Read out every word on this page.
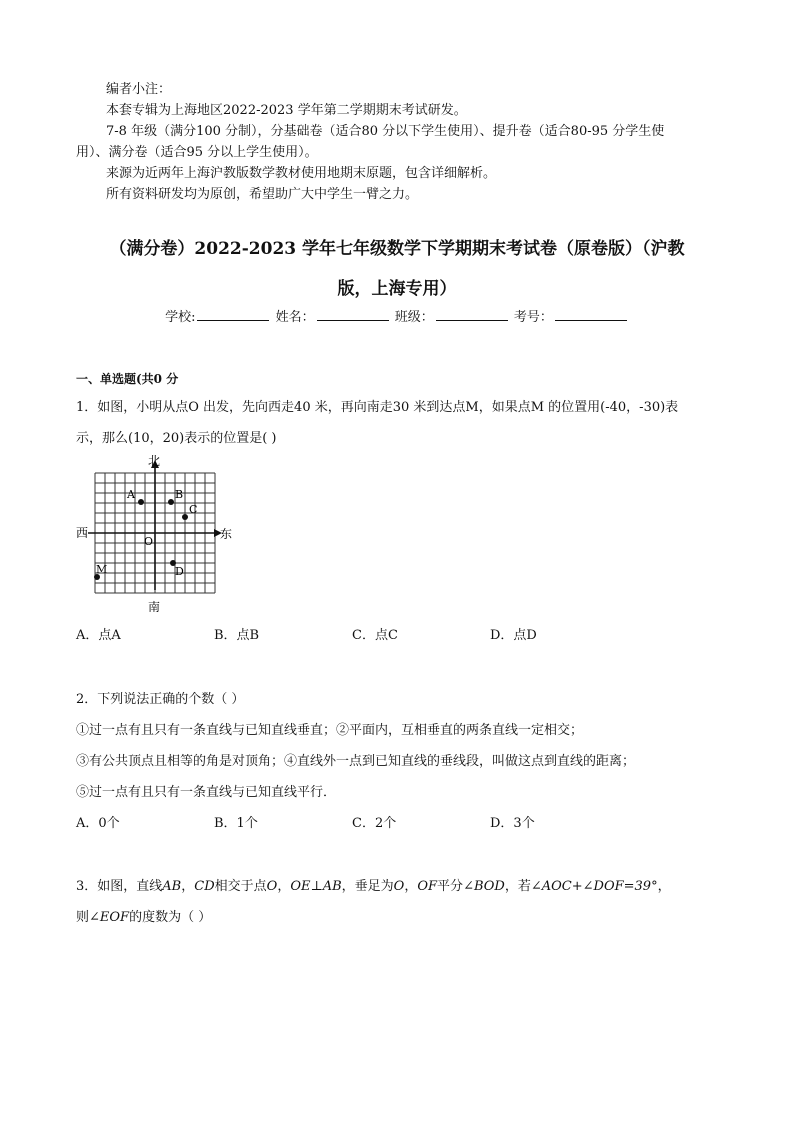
编者小注：
本套专辑为上海地区2022-2023 学年第二学期期末考试研发。
7-8 年级（满分100 分制），分基础卷（适合80 分以下学生使用）、提升卷（适合80-95 分学生使
用）、满分卷（适合95 分以上学生使用）。
来源为近两年上海沪教版数学教材使用地期末原题，包含详细解析。
所有资料研发均为原创，希望助广大中学生一臂之力。
（满分卷）2022-2023 学年七年级数学下学期期末考试卷（原卷版）（沪教
版，上海专用）
学校:	姓名：	班级：	考号：
一、单选题(共0 分
1．如图，小明从点O 出发，先向西走40 米，再向南走30 米到达点M，如果点M 的位置用(-40，-30)表
示，那么(10，20)表示的位置是( )
北
南
西	东
O
A	B
C
D
M
A．点A	B．点B	C．点C	D．点D
2．下列说法正确的个数（ ）
①过一点有且只有一条直线与已知直线垂直；②平面内，互相垂直的两条直线一定相交；
③有公共顶点且相等的角是对顶角；④直线外一点到已知直线的垂线段，叫做这点到直线的距离；
⑤过一点有且只有一条直线与已知直线平行．
A．0个	B．1个	C．2个	D．3个
3．如图，直线AB，CD相交于点O，OE⊥AB，垂足为O，OF平分∠BOD，若∠AOC+∠DOF=39°，
则∠EOF的度数为（ ）
